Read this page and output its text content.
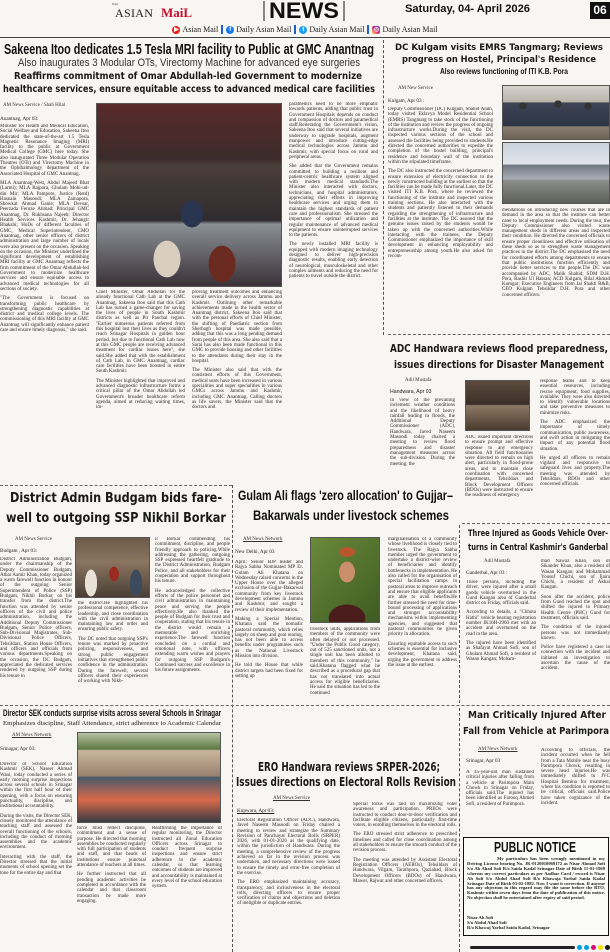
Daily
ASIAN MaiL	NEWS	Saturday, 04- April 2026	06
▶ Asian Mail	f Daily Asian Mail	t Daily Asian Mail ◎ Daily Asian Mail
Sakeena Itoo dedicates 1.5 Tesla MRI facility to Public at GMC Anantnag
Also inaugurates 3 Modular OTs, Virectomy Machine for advanced eye surgeries
Reaffirms commitment of Omar Abdullah-led Government to modernize
healthcare services, ensure equitable access to advanced medical care facilities
AM News Service / Shah Hilal
Anantnag, Apr 03:

Minister for Health and Medical Education, Social Welfare and Education, Sakeena Itoo dedicated the state-of-the-art 1.5 Tesla Magnetic Resonance Imaging (MRI) facility to the public at Government Medical College (GMC) here today. She also inaugurated Three Modular Operation Theatres (OTs) and Virectomy Machine in the Ophthalmology department of the Associated Hospital of GMC Anantnag.

MLA Anantnag-West, Abdul Majeed Bhat (Larmi); MLA Rajpora, Ghulam Mohi-ud-din Mir; MLA Pampore, Justice (Retd) Hasnain Masoodi; MLA Zainapora, Showkat Ahmad Ganie; MLA Devsar, Peerzada Feroze Ahmad; Principal GMC Anantnag, Dr. Rukhsana Najeeb; Director Health Services Kashmir, Dr. Jehangir Bhakshi; HoDs of different faculties of GMC, Medical Superintendent, CMO Anantnag, other senior officers of district administration and large number of locals were also present on the occasion. Speaking on the occasion, the Minister underlined the significant development of establishing MRI facility at GMC Anantnag reflects the firm commitment of the Omar Abdullah-led Government to modernize healthcare services and ensure equitable access to advanced medical technologies for all sections of society.

"The Government is focused on transforming public healthcare by strengthening diagnostic capabilities at district and medical college levels. The commissioning of this MRI facility at GMC Anantnag will significantly enhance patient care and ensure timely diagnosis," she said.

Chief Minister, Omar Abdullah for the already functional Cath Lab at the GMC Anantnag, Sakeena Itoo said that this Cath Lab has turned a game-changer for saving the lives of people in South Kashmir districts as well as Pir Panchal region. "Earlier numerous patients referred from this hospital lost their lives as they couldn't reach Srinagar Hospitals in golden hour period, but due to functional Cath Lab now at this GMC people are receiving advanced treatment for cardiac issues here", she said.She added that with the establishment of Cath Lab, in GMC Anantnag, cardiac care facilities have been boosted in entire South Kashmir.

The Minister highlighted that improved and advanced diagnostic infrastructure forms a critical pillar of the Omar Abdullah led Government's broader healthcare reform agenda, aimed at reducing waiting times, im-

proving treatment outcomes and enhancing overall service delivery across Jammu and Kashmir. Outlining other remarkable achievements made in the health sector of Anantnag district, Sakeena Itoo said that with the personal efforts of Chief Minister, the shifting of Paediatric section from Sherbagh hospital was made possible, adding that this was a long pending demand from people of this area. She also said that a Sarai has also been made functional in this GMC to provide housing and other facilities to the attendants during their stay in the hospital.

The Minister also said that with the consistent efforts of this Government, medical seats have been increased in various specialities and super specialities in various GMCs across Jammu and Kashmir, including GMC Anantnag. Calling doctors as life savers, the Minister said that the doctors and

paramedics need to be more emphatic towards patients, adding that public trust in Government Hospitals depends on conduct and compassion of doctors and paramedical staff.Reiterating the Government's vision, Sakeena Itoo said that several initiatives are underway to upgrade hospitals, augment manpower and introduce cutting-edge medical technologies across Jammu and Kashmir, with special focus on rural and peripheral areas.

She added that the Government remains committed to building a resilient and patient-centric healthcare system aligned with modern medical standards.The Minister also interacted with doctors, technicians, and hospital administrators, appreciating their efforts in improving healthcare services and urging them to maintain the highest standards of patient care and professionalism. She stressed the importance of optimal utilization and regular maintenance of advanced medical equipment to ensure uninterrupted services to the patients.

The newly installed MRI facility is equipped with modern imaging technology designed to deliver high-precision diagnostic results, enabling early detection of neurological, musculoskeletal and other complex ailments and reducing the need for patients to travel outside the district.

DC Kulgam visits EMRS Tangmarg; Reviews
progress on Hostel, Principal's Residence
Also reviews functioning of ITI K.B. Pora
AM New Service
Kulgam, Apr 03 :

Deputy Commissioner (DC) Kulgam, Shahid Alam, today visited Eklavya Model Residential School (EMRS) Tangmarg to take stock of the functioning of the institution and review the progress of ongoing infrastructure works.During the visit, the DC inspected various sections of the school and assessed the facilities being provided to students.He directed the concerned authorities to expedite the completion of the hostel building, principal's residence and boundary wall of the institution within the stipulated timeframe.

The DC also instructed the concerned department to ensure extension of electricity connection to the newly constructed building at the earliest so that the facilities can be made fully functional.Later, the DC visited ITI K.B. Pora, where he reviewed the functioning of the institute and inspected various training sections. He also interacted with the students and patiently listened to their demands regarding the strengthening of infrastructure and facilities at the institute. The DC assured that the genuine issues raised by the students would be taken up with the concerned authorities.While interacting with the trainees, the Deputy Commissioner emphasized the importance of skill development in enhancing employability and entrepreneurship among youth.He also asked for recom-

mendations on introducing new courses that are in demand in the area so that the institute can better cater to local employment needs. During the tour, the Deputy Commissioner also visited waste management sheds in different areas and inspected their condition. He directed the concerned officials to ensure proper cleanliness and effective utilisation of these sheds so as to strengthen waste management practices in the district.The DC emphasised the need for coordinated efforts among departments to ensure that public institutions function efficiently and provide better services to the people.The DC was accompanied by ADC, Malik Shahid; SDM D.H. Pora, Bashir Ul Hassan; ACD Kulgam, Bilal Ahmad Kumgar; Executive Engineers from Jal Shakti R&B, CEO Kulgam Tehsildar D.H. Pora and other concerned officers.

ADC Handwara reviews flood preparedness,
issues directions for Disaster Management
Adil Mustafa
Handwara, Apr 03

In view of the prevailing inclement weather conditions and the likelihood of heavy rainfall leading to floods, the Additional Deputy Commissioner (ADC), Handwara, Javed Naseem Masoodi today chaired a meeting to review flood preparedness and disaster management measures across the sub-division. During the meeting, the

ADC issued important directions to ensure prompt and effective response to any emergency situation. All field functionaries were directed to remain on high alert, particularly in flood-prone areas, and to maintain close coordination with concerned departments. Tehsildars and Block Development Officers (BDOs) were instructed to ensure the readiness of emergency

response teams and to keep essential resources, including rescue equipment, food supplies, available. They were also directed to identify vulnerable locations and take preventive measures to minimize risks.

The ADC emphasized the importance of timely communication, public awareness, and swift action in mitigating the impact of any potential flood situation.

He urged all officers to remain vigilant and responsive to safeguard lives and property.The meeting was attended by Tehsildars, BDOs and other concerned officials.

District Admin Budgam bids fare-
well to outgoing SSP Nikhil Borkar
AM News Service
Budgam , Apr 03:

District Administration Budgam, under the chairmanship of the Deputy Commissioner Budgam, Athar Aamir Khan, today organized a warm farewell function in honour of the outgoing Senior Superintendent of Police (SSP) Budgam, Nikhil Borkar, on his transfer from the district.The function was attended by senior officers of the civil and police administration, including the Additional Deputy Commissioner Budgam, Senior Police officers, Sub-Divisional Magistrates, Sub-Divisional Police Officers, Tehsildars, Station House Officers, and officers and officials from various departments.Speaking on the occasion, the DC Budgam, appreciated the dedicated services rendered by outgoing SSP during his tenure in

the district.He highlighted his professional competence, effective leadership, and close coordination with the civil administration in maintaining law and order and ensuring public safety.

The DC noted that outgoing SSP's tenure was marked by proactive policing, responsiveness, and strong public engagement initiatives that strengthened public confidence in the administration. During the farewell, several officers shared their experiences of working with Nikh-

il Borkar commending his commitment, discipline, and people friendly approach to policing.While addressing the gathering, outgoing SSP expressed heartfelt gratitude to the District Administration, Budgam Police, and all stakeholders for their cooperation and support throughout his tenure.

He acknowledged the collective efforts of the police personnel and civil administration in maintaining peace and serving the people effectively.He also thanked the people of Budgam for their trust and cooperation, stating that his tenure in the district would remain a memorable and enriching experience.The farewell function concluded on a cordial and emotional note, with officers extending warm wishes and prayers for outgoing SSP Budgam's Continued success and excellence in his future assignments.

Gulam Ali flags 'zero allocation' to Gujjar–
Bakarwals under livestock schemes
AM News Network
New Delhi, Apr 03

April: Senior BJP leader and Rajya Sabha Nominated MP Er. Gulam Ali Khatana on Wednesday raised concerns in the Upper House over the alleged exclusion of the Gujjar–Bakarwal community from key livestock development schemes in Jammu and Kashmir, and sought a review of their implementation.

Making a Special Mention, Khatana said the nomadic pastoral community, which relies largely on sheep and goat rearing, has not been able to access benefits under programmes such as the National Livestock Mission into division.

He told the House that while district targets had been fixed for setting up

livestock units, applications from members of the community were often delayed or not processed. "Under the Public Good category, out of 525 sanctioned units, not a single unit has been allotted to members of this community," he said.Khatana flagged what he described as a procedural gap that has not translated into actual access for eligible beneficiaries. He said the situation has led to the continued

marginalisation of a community whose livelihood is closely tied to livestock. The Rajya Sabha member urged the government to undertake a district-wise review of beneficiaries and identify bottlenecks in implementation. He also called for the organisation of special facilitation camps in pastoral areas to improve outreach and ensure that eligible applicants are able to avail benefits.He further stressed the need for time-bound processing of applications and stronger accountability mechanisms within implementing agencies, and suggested that pastoral communities be given priority in allocation.

Ensuring equitable access to such schemes is essential for inclusive development, Khatana said, urging the government to address the issue at the earliest.

Three Injured as Goods Vehicle Over-
turns in Central Kashmir's Ganderbal
Adil Mustafa
Ganderbal, Apr 03 :

Three persons, including the driver, were injured after a small goods vehicle overturned in the Gund Kangan area of Ganderbal district on Friday, officials said.

According to details, a "Chhota Hathi" vehicle bearing registration number JK16H-2960 met with an accident and overturned on the road in the area.

The injured have been identified as Shafayat Ahmad Sofi, son of Ghulam Ahmad Sofi, a resident of Wasan Kangan; Moham-

mad Nawaz Khan, son of Sikander Khan, also a resident of Wasan Kangan; and Mohammad Yousuf Chichi, son of Ijaira Chichi, a resident of Akhal Kangan.

Soon after the accident, police from Gund reached the spot and shifted the injured to Primary Health Centre (PHC) Gund for treatment, officials said.

The condition of the injured persons was not immediately known.

Police have registered a case in connection with the incident and initiated an investigation to ascertain the cause of the accident.

Man Critically Injured After
Fall from Vehicle at Parimpora
AM News Network
Srinagar, Apr 03

A 45-year-old man sustained critical injuries after falling from a vehicle at Parimpora Main Chowk in Srinagar on Friday, officials said.The injured has been identified as Farooq Ahmed Sofi, a resident of Parimpora.

According to officials, the incident occurred when he fell from a Tata Mobile near the busy Parimpora Chowk, resulting in severe head injuries.He was immediately shifted to JVC Hospital Bemina for treatment, where his condition is reported to be critical, officials said.Police have taken cognizance of the incident.

PUBLIC NOTICE
My particulars has been wrongly mentioned in my Driving License bearing No. JK-0120010069172 as Nisar Ahmad Sofi S/o Ab Ahad Sofi R/o Saida Kadal Srinagar Date of Birth 11-01-1969 whereas my correct particulars as per Aadhar Card / record is Nisar Ah Sofi S/o Abdul Ahad Sofi R/o Khawaja Yarbal Saida Kadal Srinagar Date of Birth 03-02-1882. Now I want it correction. If anyone has any objection in this regard may file the same before the RTO, Kashmir within seven days from the date of publication of this notice. No objection shall be entertained after expiry of said period.
Nisar Ah Sofi
S/o Abdul Ahad Sofi
R/o Khawaj Yarbal Saida Kadal, Srinagar
Director SEK conducts surprise visits across several Schools in Srinagar
Emphasizes discipline, Staff Attendance, strict adherence to Academic Calendar
AM News Network
Srinagar, Apr 03:

Director of School Education Kashmir (SEK), Naseer Ahmad Wani, today conducted a series of early morning surprise inspections across several schools in Srinagar within the first half hour of their opening, with a focus on ensuring punctuality, discipline, and institutional accountability.

During the visits, the Director SEK, closely monitored the attendance of teaching staff and assessed the overall functioning of the schools, including the conduct of morning assemblies and the academic environment.

Interacting with the staff, the Director stressed that the initial moments of school opening set the tone for the entire day and that

force must reflect discipline, commitment and a sense of purpose. He directed that morning assemblies be conducted regularly with full participation of students and staff, and that heads of institutions ensure punctual attendance of teachers at all times.

He further instructed that all pending academic activities be completed in accordance with the calendar and that classroom transaction be made more engaging.

Reaffirming the importance of regular monitoring, the Director instructed all Zonal Education Officers across Srinagar to conduct frequent surprise inspections and ensure strict adherence to the academic calendar, so that learning outcomes of students are improved and accountability is maintained at every level of the school education system.

ERO Handwara reviews SRPER-2026;
Issues directions on Electoral Rolls Revision
AM News Service
Kupwara, Apr 03:

Electoral Registration Officer (ADC), Handwara, Javed Naseem Masoodi on Friday chaired a meeting to review and strategize the Summary Revision of Panchayat Electoral Rolls (SRPER) 2026, with 01-01-2026 as the qualifying date, within the jurisdiction of Handwara. During the meeting, a comprehensive review of the progress achieved so far in the revision process was undertaken, and necessary directions were issued to ensure the timely and error-free completion of the exercise.

The ERO emphasized maintaining accuracy, transparency, and inclusiveness in the electoral rolls, directing officers to ensure proper verification of claims and objections and deletion of ineligible or duplicate entries.

Special focus was laid on maximizing voter awareness and participation. PREOs were instructed to conduct door-to-door verification and facilitate eligible citizens, particularly first-time voters, in enrolling themselves in the electoral rolls.

The ERO stressed strict adherence to prescribed timelines and called for close coordination among all stakeholders to ensure the smooth conduct of the revision process.

The meeting was attended by Assistant Electoral Registration Officers (AEROs), Tehsildars of Handwara, Vilgam, Tarathpora, Qaziabad, Block Development Officers (BDOs) of Handwara, Mawer, Rajwar and other concerned officers.
